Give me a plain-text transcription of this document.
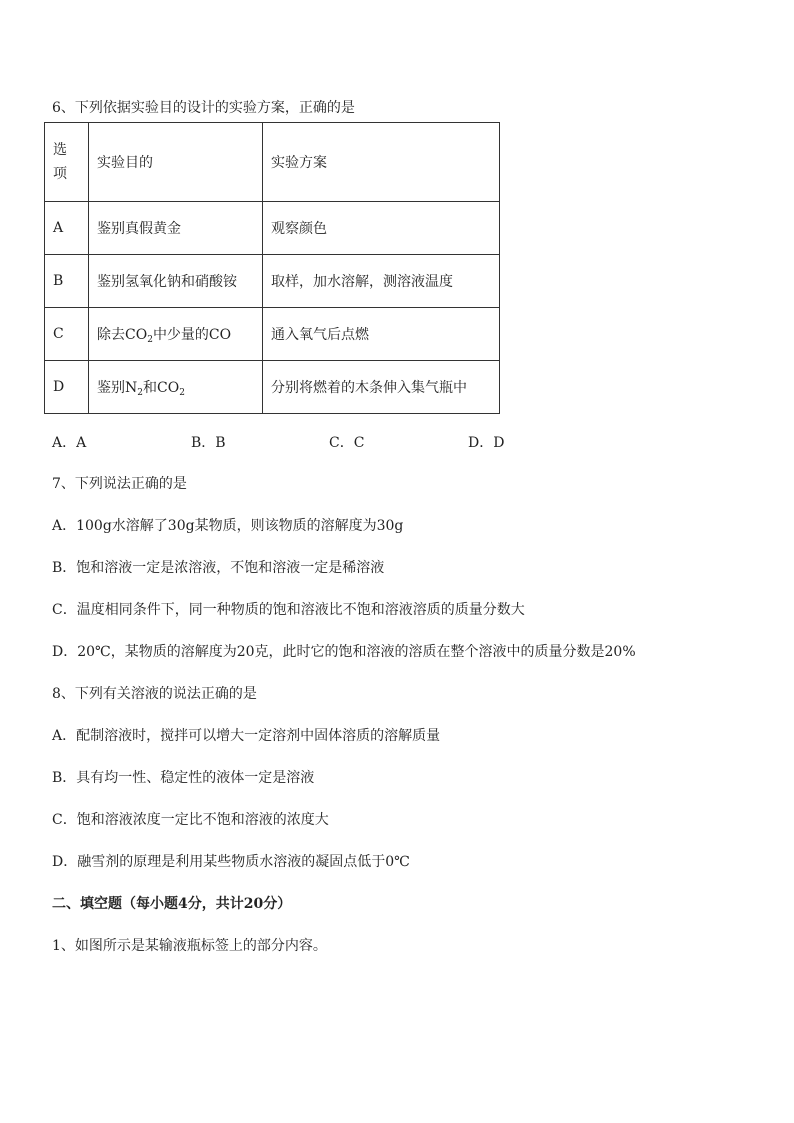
6、下列依据实验目的设计的实验方案，正确的是
选
项	实验目的	实验方案
A	鉴别真假黄金	观察颜色
B	鉴别氢氧化钠和硝酸铵	取样，加水溶解，测溶液温度
C	除去$CO_2$中少量的CO	通入氧气后点燃
D	鉴别$N_2$和$CO_2$	分别将燃着的木条伸入集气瓶中
A．A	B．B	C．C	D．D
7、下列说法正确的是
A．100g水溶解了30g某物质，则该物质的溶解度为30g
B．饱和溶液一定是浓溶液，不饱和溶液一定是稀溶液
C．温度相同条件下，同一种物质的饱和溶液比不饱和溶液溶质的质量分数大
D．20℃，某物质的溶解度为20克，此时它的饱和溶液的溶质在整个溶液中的质量分数是20%
8、下列有关溶液的说法正确的是
A．配制溶液时，搅拌可以增大一定溶剂中固体溶质的溶解质量
B．具有均一性、稳定性的液体一定是溶液
C．饱和溶液浓度一定比不饱和溶液的浓度大
D．融雪剂的原理是利用某些物质水溶液的凝固点低于0℃
二、填空题（每小题4分，共计20分）
1、如图所示是某输液瓶标签上的部分内容。
